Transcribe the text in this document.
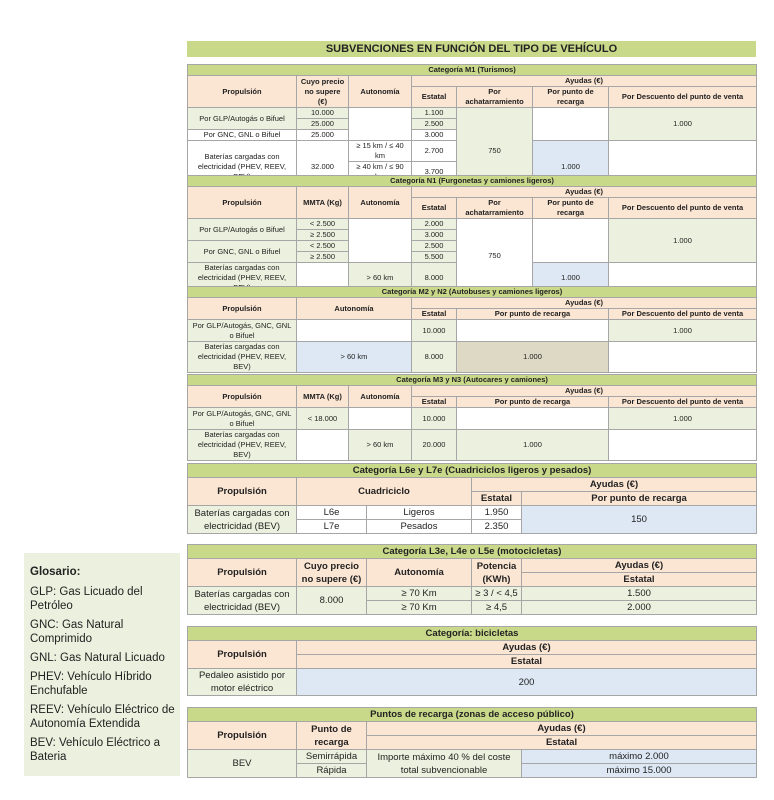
SUBVENCIONES EN FUNCIÓN DEL TIPO DE VEHÍCULO
Categoría M1 (Turismos)						
Propulsión	Cuyo precio no supere (€)	Autonomía	Ayudas (€)			
			Estatal	Por achatarramiento	Por punto de recarga	Por Descuento del punto de venta
Por GLP/Autogás o Bifuel	10.000		1.100	750		1.000
	25.000		2.500			
Por GNC, GNL o Bifuel	25.000		3.000			
Baterías cargadas con electricidad (PHEV, REEV,	32.000	≥ 15 km / ≤ 40 km	2.700		1.000	
		≥ 40 km / ≤ 90	3.700			

Categoría N1 (Furgonetas y camiones ligeros)						
Propulsión	MMTA (Kg)	Autonomía	Ayudas (€)			
			Estatal	Por achatarramiento	Por punto de recarga	Por Descuento del punto de venta
Por GLP/Autogás o Bifuel	< 2.500		2.000	750		1.000
	≥ 2.500		3.000			
Por GNC, GNL o Bifuel	< 2.500		2.500			
	≥ 2.500		5.500			
Baterías cargadas con electricidad (PHEV, REEV,		> 60 km	8.000		1.000	
Categoría M2 y N2 (Autobuses y camiones ligeros)				
Propulsión	Autonomía	Ayudas (€)		
		Estatal	Por punto de recarga	Por Descuento del punto de venta
Por GLP/Autogás, GNC, GNL o Bifuel		10.000		1.000
Baterías cargadas con electricidad (PHEV, REEV, BEV)	> 60 km	8.000	1.000	
Categoría M3 y N3 (Autocares y camiones)					
Propulsión	MMTA (Kg)	Autonomía	Ayudas (€)		
			Estatal	Por punto de recarga	Por Descuento del punto de venta
Por GLP/Autogás, GNC, GNL o Bifuel	< 18.000		10.000		1.000
Baterías cargadas con electricidad (PHEV, REEV, BEV)		> 60 km	20.000	1.000	
Categoría L6e y L7e (Cuadriciclos ligeros y pesados)				
Propulsión	Cuadriciclo		Ayudas (€)	
			Estatal	Por punto de recarga
Baterías cargadas con electricidad (BEV)	L6e	Ligeros	1.950	150
	L7e	Pesados	2.350	
Categoría L3e, L4e o L5e (motocicletas)				
Propulsión	Cuyo precio no supere (€)	Autonomía	Potencia (KWh)	Ayudas (€)
				Estatal
Baterías cargadas con electricidad (BEV)	8.000	≥ 70 Km	≥ 3 / < 4,5	1.500
		≥ 70 Km	≥ 4,5	2.000
Categoría: bicicletas	
Propulsión	Ayudas (€)
	Estatal
Pedaleo asistido por motor eléctrico	200
Puntos de recarga (zonas de acceso público)			
Propulsión	Punto de recarga	Ayudas (€)	
		Estatal	
BEV	Semirrápida	Importe máximo 40 % del coste total subvencionable	máximo 2.000
	Rápida		máximo 15.000
Glosario:
GLP: Gas Licuado del Petróleo
GNC: Gas Natural Comprimido
GNL: Gas Natural Licuado
PHEV: Vehículo Híbrido Enchufable
REEV: Vehículo Eléctrico de Autonomía Extendida
BEV: Vehículo Eléctrico a Bateria
